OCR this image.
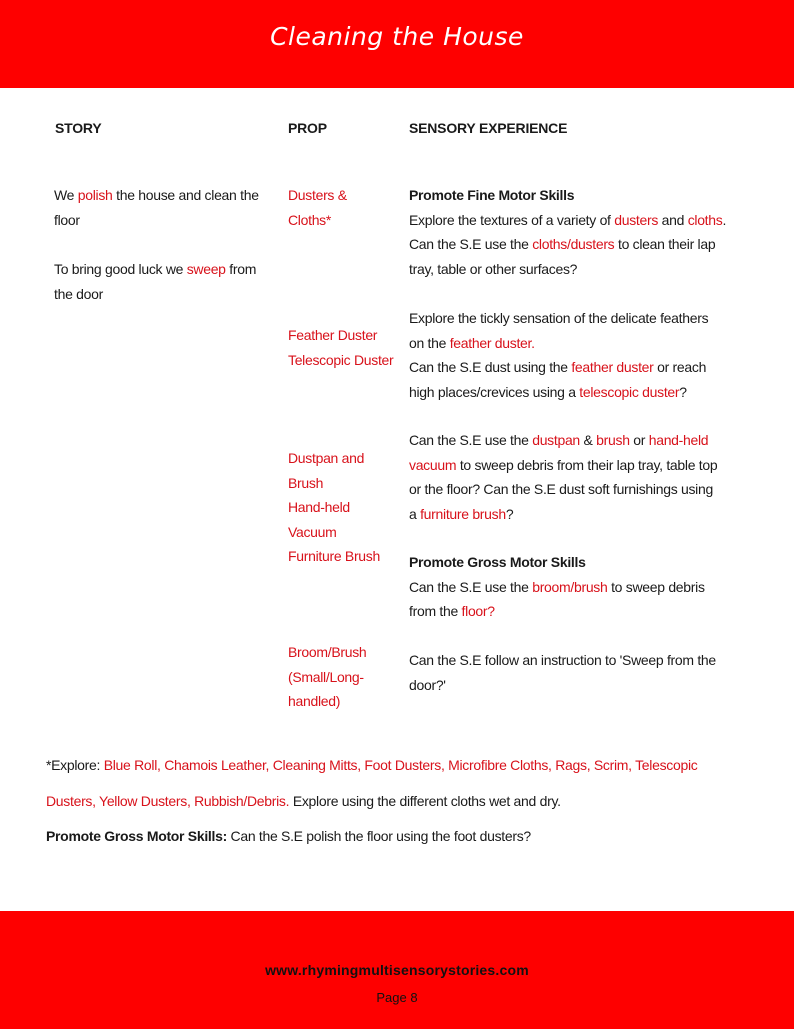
Cleaning the House
STORY	PROP	SENSORY EXPERIENCE
We polish the house and clean the
floor
To bring good luck we sweep from
the door
Dusters &
Cloths*
Feather Duster
Telescopic Duster
Dustpan and
Brush
Hand-held
Vacuum
Furniture Brush
Broom/Brush
(Small/Long-
handled)
Promote Fine Motor Skills
Explore the textures of a variety of dusters and cloths.
Can the S.E use the cloths/dusters to clean their lap
tray, table or other surfaces?
Explore the tickly sensation of the delicate feathers
on the feather duster.
Can the S.E dust using the feather duster or reach
high places/crevices using a telescopic duster?
Can the S.E use the dustpan & brush or hand-held
vacuum to sweep debris from their lap tray, table top
or the floor? Can the S.E dust soft furnishings using
a furniture brush?
Promote Gross Motor Skills
Can the S.E use the broom/brush to sweep debris
from the floor?
Can the S.E follow an instruction to 'Sweep from the
door?'
*Explore: Blue Roll, Chamois Leather, Cleaning Mitts, Foot Dusters, Microfibre Cloths, Rags, Scrim, Telescopic
Dusters, Yellow Dusters, Rubbish/Debris. Explore using the different cloths wet and dry.
Promote Gross Motor Skills: Can the S.E polish the floor using the foot dusters?
www.rhymingmultisensorystories.com
Page 8
